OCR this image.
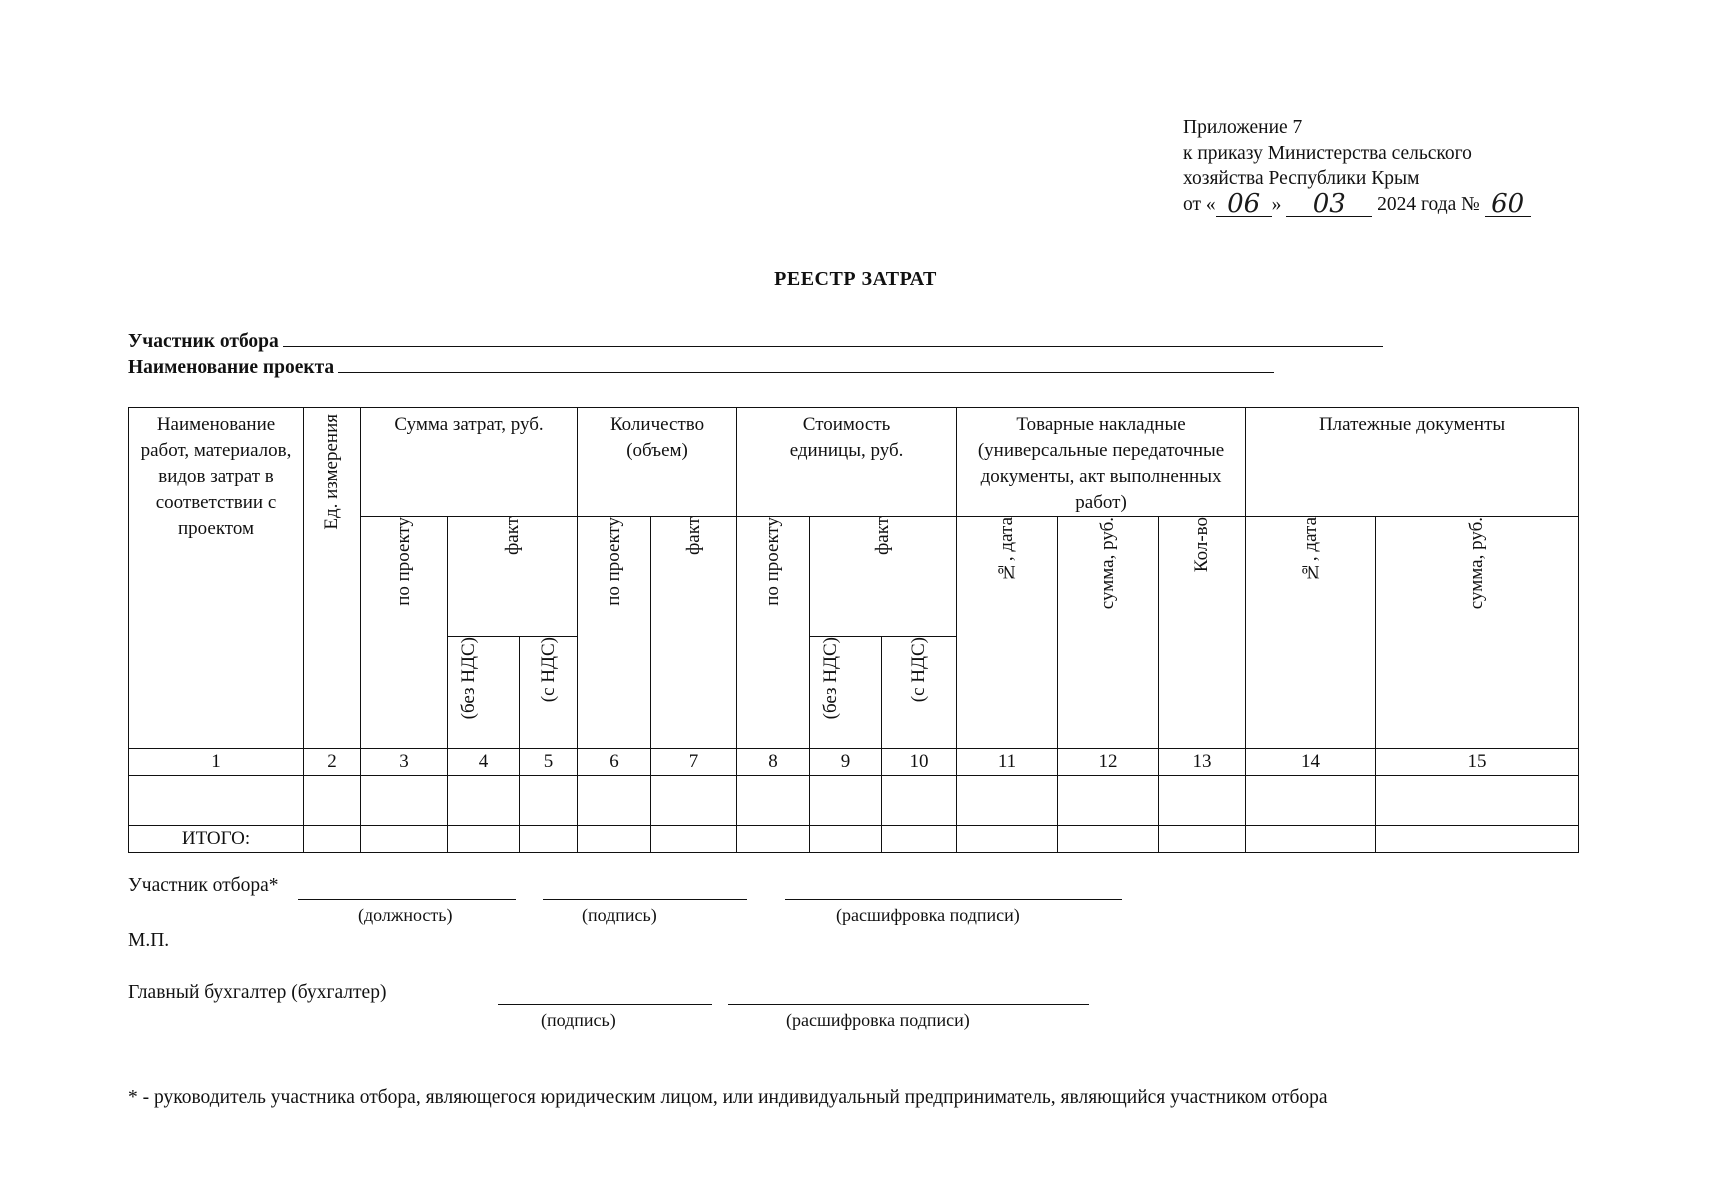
Приложение 7
к приказу Министерства сельского
хозяйства Республики Крым
от « 06 » 03 2024 года № 60
РЕЕСТР ЗАТРАТ
Участник отбора
Наименование проекта
Наименование работ, материалов, видов затрат в соответствии с проектом	Ед. измерения	Сумма затрат, руб.			Количество (объем)		Стоимость единицы, руб.			Товарные накладные (универсальные передаточные документы, акт выполненных работ)			Платежные документы	
		по проекту	факт		по проекту	факт	по проекту	факт		№, дата	сумма, руб.	Кол-во	№, дата	сумма, руб.
			(без НДС)	(с НДС)				(без НДС)	(с НДС)					
1	2	3	4	5	6	7	8	9	10	11	12	13	14	15

ИТОГО:														
Участник отбора*
(должность)	(подпись)	(расшифровка подписи)
М.П.
Главный бухгалтер (бухгалтер)
(подпись)	(расшифровка подписи)
* - руководитель участника отбора, являющегося юридическим лицом, или индивидуальный предприниматель, являющийся участником отбора
